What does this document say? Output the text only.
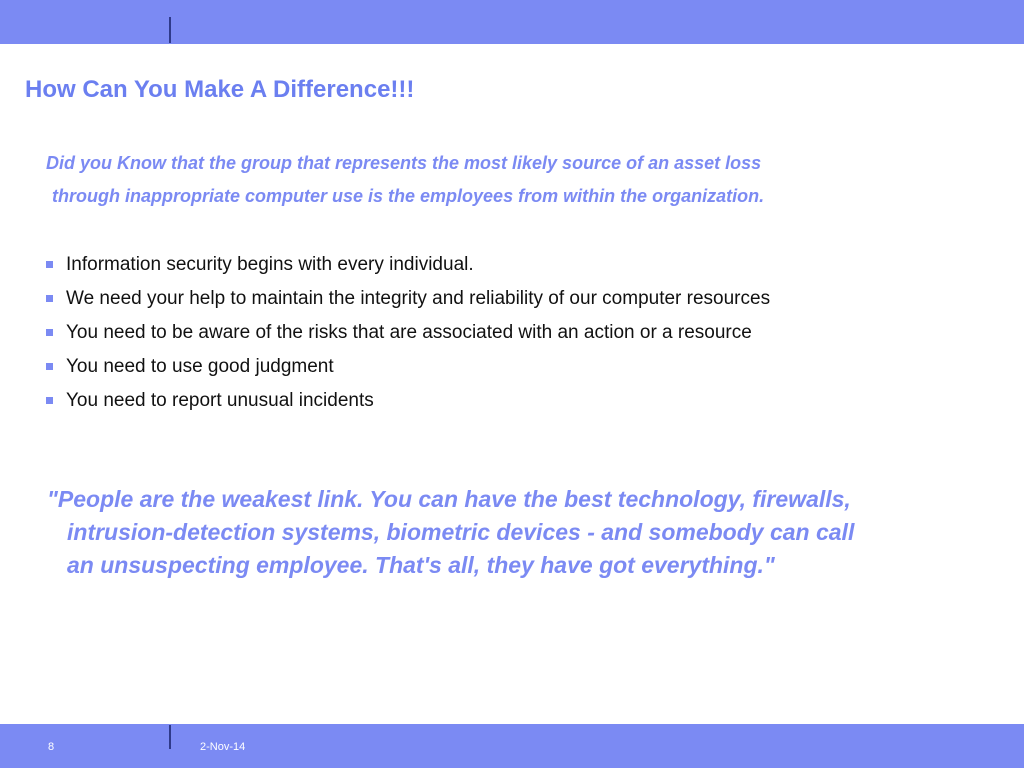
How Can You Make A Difference!!!
Did you Know that the group that represents the most likely source of an asset loss
through inappropriate computer use is the employees from within the organization.
Information security begins with every individual.
We need your help to maintain the integrity and reliability of our computer resources
You need to be aware of the risks that are associated with an action or a resource
You need to use good judgment
You need to report unusual incidents
"People are the weakest link. You can have the best technology, firewalls,
intrusion-detection systems, biometric devices - and somebody can call
an unsuspecting employee. That's all, they have got everything."
8	2-Nov-14
